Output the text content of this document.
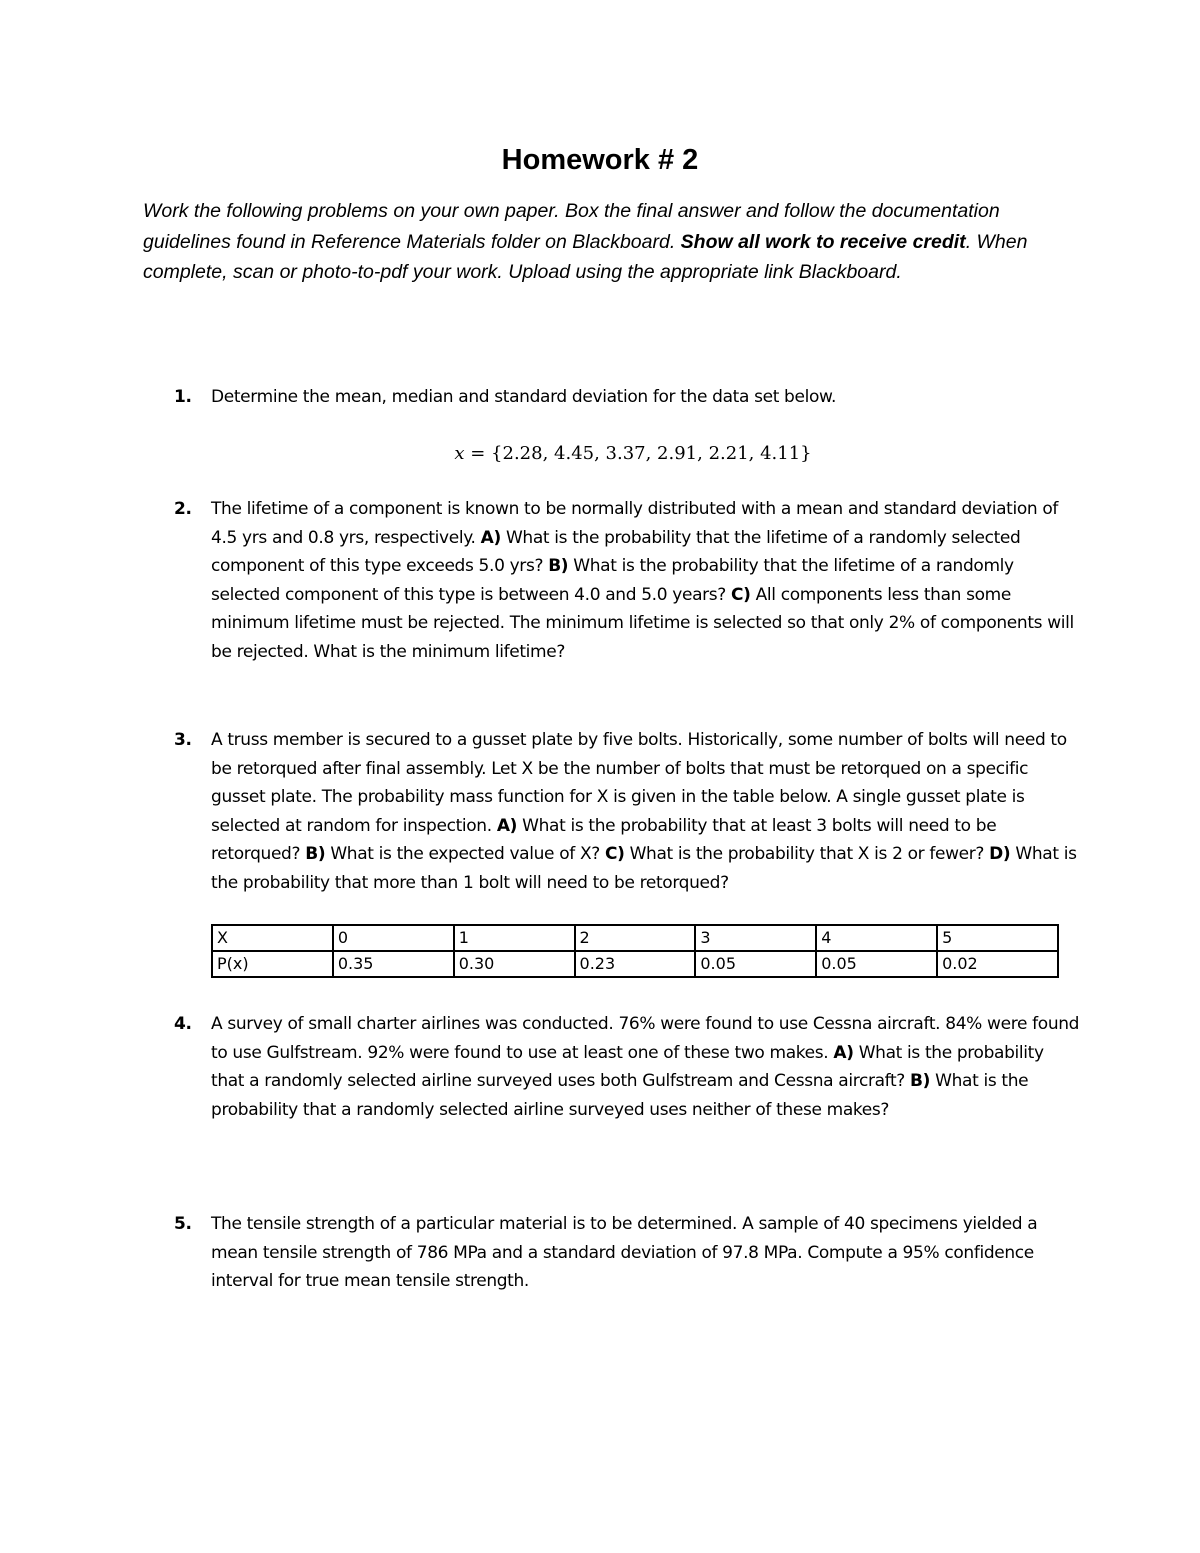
Homework # 2
Work the following problems on your own paper. Box the final answer and follow the documentation guidelines found in Reference Materials folder on Blackboard. Show all work to receive credit. When complete, scan or photo-to-pdf your work. Upload using the appropriate link Blackboard.
1. Determine the mean, median and standard deviation for the data set below.
x = {2.28, 4.45, 3.37, 2.91, 2.21, 4.11}
2. The lifetime of a component is known to be normally distributed with a mean and standard deviation of 4.5 yrs and 0.8 yrs, respectively. A) What is the probability that the lifetime of a randomly selected component of this type exceeds 5.0 yrs? B) What is the probability that the lifetime of a randomly selected component of this type is between 4.0 and 5.0 years? C) All components less than some minimum lifetime must be rejected. The minimum lifetime is selected so that only 2% of components will be rejected. What is the minimum lifetime?
3. A truss member is secured to a gusset plate by five bolts. Historically, some number of bolts will need to be retorqued after final assembly. Let X be the number of bolts that must be retorqued on a specific gusset plate. The probability mass function for X is given in the table below. A single gusset plate is selected at random for inspection. A) What is the probability that at least 3 bolts will need to be retorqued? B) What is the expected value of X? C) What is the probability that X is 2 or fewer? D) What is the probability that more than 1 bolt will need to be retorqued?
X	0	1	2	3	4	5
P(x)	0.35	0.30	0.23	0.05	0.05	0.02
4. A survey of small charter airlines was conducted. 76% were found to use Cessna aircraft. 84% were found to use Gulfstream. 92% were found to use at least one of these two makes. A) What is the probability that a randomly selected airline surveyed uses both Gulfstream and Cessna aircraft? B) What is the probability that a randomly selected airline surveyed uses neither of these makes?
5. The tensile strength of a particular material is to be determined. A sample of 40 specimens yielded a mean tensile strength of 786 MPa and a standard deviation of 97.8 MPa. Compute a 95% confidence interval for true mean tensile strength.
